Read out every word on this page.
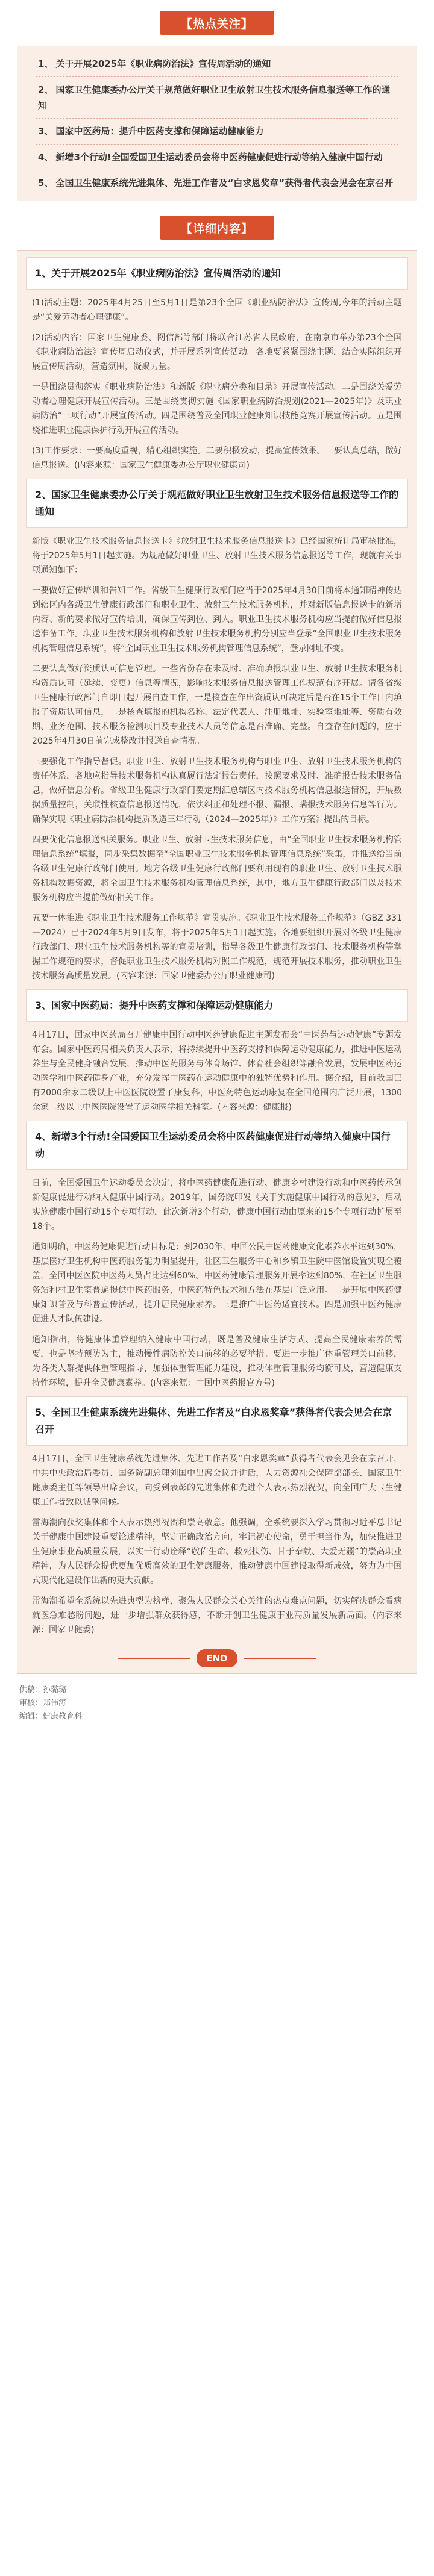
【热点关注】
1、 关于开展2025年《职业病防治法》宣传周活动的通知
2、 国家卫生健康委办公厅关于规范做好职业卫生放射卫生技术服务信息报送等工作的通知
3、 国家中医药局：提升中医药支撑和保障运动健康能力
4、 新增3个行动!全国爱国卫生运动委员会将中医药健康促进行动等纳入健康中国行动
5、 全国卫生健康系统先进集体、先进工作者及“白求恩奖章”获得者代表会见会在京召开
【详细内容】
1、关于开展2025年《职业病防治法》宣传周活动的通知

(1)活动主题：2025年4月25日至5月1日是第23个全国《职业病防治法》宣传周,今年的活动主题是“关爱劳动者心理健康”。

(2)活动内容：国家卫生健康委、网信部等部门将联合江苏省人民政府，在南京市举办第23个全国《职业病防治法》宣传周启动仪式，并开展系列宣传活动。各地要紧紧围绕主题，结合实际组织开展宣传周活动，营造氛围，凝聚力量。

一是围绕贯彻落实《职业病防治法》和新版《职业病分类和目录》开展宣传活动。二是围绕关爱劳动者心理健康开展宣传活动。三是围绕贯彻实施《国家职业病防治规划(2021—2025年)》及职业病防治“三项行动”开展宣传活动。四是围绕普及全国职业健康知识技能竞赛开展宣传活动。五是围绕推进职业健康保护行动开展宣传活动。

(3)工作要求：一要高度重视，精心组织实施。二要积极发动，提高宣传效果。三要认真总结，做好信息报送。(内容来源：国家卫生健康委办公厅职业健康司)

2、国家卫生健康委办公厅关于规范做好职业卫生放射卫生技术服务信息报送等工作的通知

新版《职业卫生技术服务信息报送卡》《放射卫生技术服务信息报送卡》已经国家统计局审核批准，将于2025年5月1日起实施。为规范做好职业卫生、放射卫生技术服务信息报送等工作，现就有关事项通知如下：

一要做好宣传培训和告知工作。省级卫生健康行政部门应当于2025年4月30日前将本通知精神传达到辖区内各级卫生健康行政部门和职业卫生、放射卫生技术服务机构，并对新版信息报送卡的新增内容、新的要求做好宣传培训，确保宣传到位、到人。职业卫生技术服务机构应当提前做好信息报送准备工作。职业卫生技术服务机构和放射卫生技术服务机构分别应当登录“全国职业卫生技术服务机构管理信息系统”，将“全国职业卫生技术服务机构管理信息系统”，登录网址不变。

二要认真做好资质认可信息管理。一些省份存在未及时、准确填报职业卫生、放射卫生技术服务机构资质认可（延续、变更）信息等情况，影响技术服务信息报送管理工作规范有序开展。请各省级卫生健康行政部门自即日起开展自查工作，一是核查在作出资质认可决定后是否在15个工作日内填报了资质认可信息，二是核查填报的机构名称、法定代表人、注册地址、实验室地址等、资质有效期、业务范围、技术服务检测项目及专业技术人员等信息是否准确、完整。自查存在问题的，应于2025年4月30日前完成整改并报送自查情况。

三要强化工作指导督促。职业卫生、放射卫生技术服务机构与职业卫生、放射卫生技术服务机构的责任体系，各地应指导技术服务机构认真履行法定报告责任，按照要求及时、准确报告技术服务信息，做好信息分析。省级卫生健康行政部门要定期汇总辖区内技术服务机构信息报送情况，开展数据质量控制，关联性核查信息报送情况，依法纠正和处理不报、漏报、瞒报技术服务信息等行为。确保实现《职业病防治机构提质改造三年行动（2024—2025年）》工作方案》提出的目标。

四要优化信息报送相关服务。职业卫生、放射卫生技术服务信息，由“全国职业卫生技术服务机构管理信息系统”填报，同步采集数据至“全国职业卫生技术服务机构管理信息系统”采集，并推送给当前各级卫生健康行政部门使用。地方各级卫生健康行政部门要利用现有的职业卫生、放射卫生技术服务机构数据资源，将全国卫生技术服务机构管理信息系统，其中，地方卫生健康行政部门以及技术服务机构应当提前做好相关工作。

五要一体推进《职业卫生技术服务工作规范》宣贯实施。《职业卫生技术服务工作规范》（GBZ 331—2024）已于2024年5月9日发布，将于2025年5月1日起实施。各地要组织开展对各级卫生健康行政部门、职业卫生技术服务机构等的宣贯培训，指导各级卫生健康行政部门、技术服务机构等掌握工作规范的要求，督促职业卫生技术服务机构对照工作规范，规范开展技术服务，推动职业卫生技术服务高质量发展。(内容来源：国家卫健委办公厅职业健康司)

3、国家中医药局：提升中医药支撑和保障运动健康能力

4月17日，国家中医药局召开健康中国行动中医药健康促进主题发布会“中医药与运动健康”专题发布会。国家中医药局相关负责人表示，将持续提升中医药支撑和保障运动健康能力，推进中医运动养生与全民健身融合发展，推动中医药服务与体育场馆、体育社会组织等融合发展，发展中医药运动医学和中医药健身产业，充分发挥中医药在运动健康中的独特优势和作用。据介绍，目前我国已有2000余家二级以上中医医院设置了康复科，中医药特色运动康复在全国范围内广泛开展，1300余家二级以上中医医院设置了运动医学相关科室。(内容来源：健康报)

4、新增3个行动!全国爱国卫生运动委员会将中医药健康促进行动等纳入健康中国行动

日前，全国爱国卫生运动委员会决定，将中医药健康促进行动、健康乡村建设行动和中医药传承创新健康促进行动纳入健康中国行动。2019年，国务院印发《关于实施健康中国行动的意见》，启动实施健康中国行动15个专项行动，此次新增3个行动，健康中国行动由原来的15个专项行动扩展至18个。

通知明确，中医药健康促进行动目标是：到2030年，中国公民中医药健康文化素养水平达到30%，基层医疗卫生机构中医药服务能力明显提升，社区卫生服务中心和乡镇卫生院中医馆设置实现全覆盖，全国中医医院中医药人员占比达到60%。中医药健康管理服务开展率达到80%，在社区卫生服务站和村卫生室普遍提供中医药服务，中医药特色技术和方法在基层广泛应用。二是开展中医药健康知识普及与科普宣传活动，提升居民健康素养。三是推广中医药适宜技术。四是加强中医药健康促进人才队伍建设。

通知指出，将健康体重管理纳入健康中国行动，既是普及健康生活方式、提高全民健康素养的需要，也是坚持预防为主，推动慢性病防控关口前移的必要举措。要进一步推广体重管理关口前移，为各类人群提供体重管理指导，加强体重管理能力建设，推动体重管理服务均衡可及，营造健康支持性环境，提升全民健康素养。(内容来源：中国中医药报官方号)

5、全国卫生健康系统先进集体、先进工作者及“白求恩奖章”获得者代表会见会在京召开

4月17日，全国卫生健康系统先进集体、先进工作者及“白求恩奖章”获得者代表会见会在京召开，中共中央政治局委员、国务院副总理刘国中出席会议并讲话，人力资源社会保障部部长、国家卫生健康委主任等领导出席会议，向受到表彰的先进集体和先进个人表示热烈祝贺，向全国广大卫生健康工作者致以诚挚问候。

雷海潮向获奖集体和个人表示热烈祝贺和崇高敬意。他强调，全系统要深入学习贯彻习近平总书记关于健康中国建设重要论述精神，坚定正确政治方向，牢记初心使命，勇于担当作为，加快推进卫生健康事业高质量发展，以实干行动诠释“敬佑生命、救死扶伤、甘于奉献、大爱无疆”的崇高职业精神，为人民群众提供更加优质高效的卫生健康服务，推动健康中国建设取得新成效，努力为中国式现代化建设作出新的更大贡献。

雷海潮希望全系统以先进典型为榜样，聚焦人民群众关心关注的热点难点问题，切实解决群众看病就医急难愁盼问题，进一步增强群众获得感，不断开创卫生健康事业高质量发展新局面。(内容来源：国家卫健委)

END
供稿：孙璐璐
审核：郑伟涛
编辑：健康教育科
